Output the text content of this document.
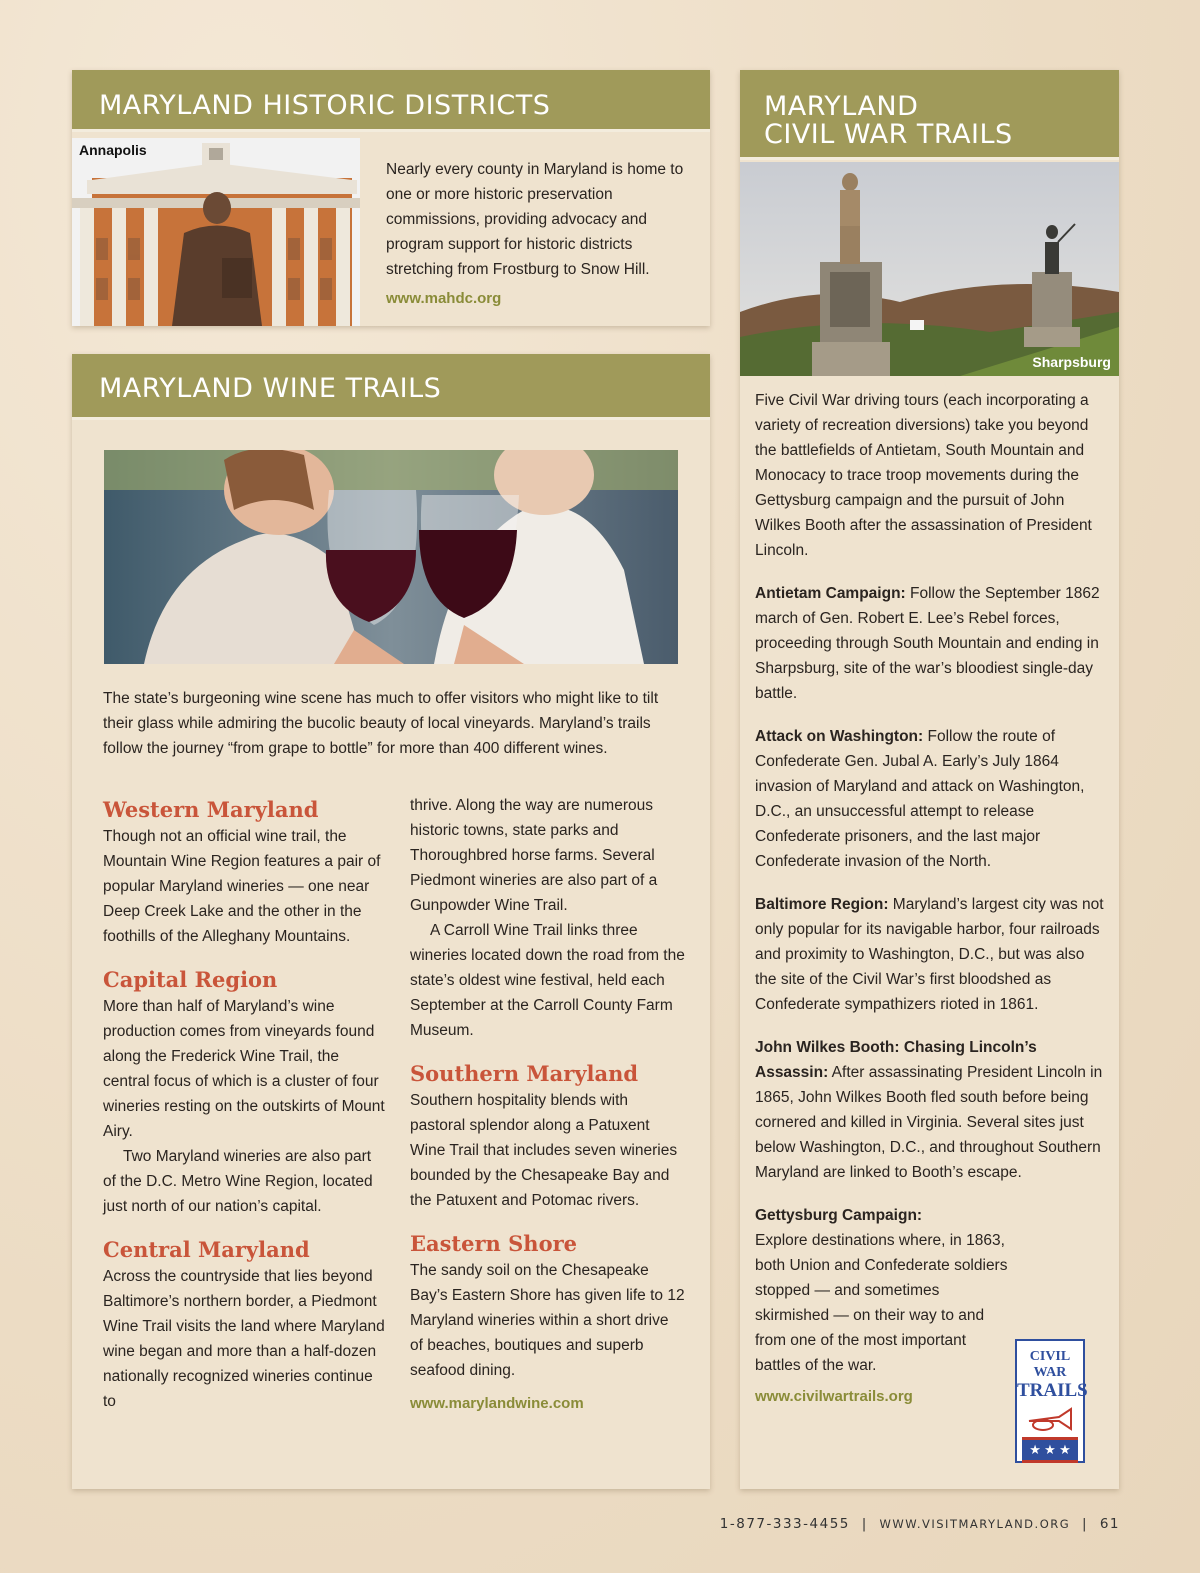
MARYLAND HISTORIC DISTRICTS
Annapolis

Nearly every county in Maryland is home to one or more historic preservation commissions, providing advocacy and program support for historic districts stretching from Frostburg to Snow Hill.

www.mahdc.org

MARYLAND WINE TRAILS

The state’s burgeoning wine scene has much to offer visitors who might like to tilt their glass while admiring the bucolic beauty of local vineyards. Maryland’s trails follow the journey “from grape to bottle” for more than 400 different wines.

Western Maryland

Though not an official wine trail, the Mountain Wine Region features a pair of popular Maryland wineries — one near Deep Creek Lake and the other in the foothills of the Alleghany Mountains.

Capital Region

More than half of Maryland’s wine production comes from vineyards found along the Frederick Wine Trail, the central focus of which is a cluster of four wineries resting on the outskirts of Mount Airy.

Two Maryland wineries are also part of the D.C. Metro Wine Region, located just north of our nation’s capital.

Central Maryland

Across the countryside that lies beyond Baltimore’s northern border, a Piedmont Wine Trail visits the land where Maryland wine began and more than a half-dozen nationally recognized wineries continue to

thrive. Along the way are numerous historic towns, state parks and Thoroughbred horse farms. Several Piedmont wineries are also part of a Gunpowder Wine Trail.

A Carroll Wine Trail links three wineries located down the road from the state’s oldest wine festival, held each September at the Carroll County Farm Museum.

Southern Maryland

Southern hospitality blends with pastoral splendor along a Patuxent Wine Trail that includes seven wineries bounded by the Chesapeake Bay and the Patuxent and Potomac rivers.

Eastern Shore

The sandy soil on the Chesapeake Bay’s Eastern Shore has given life to 12 Maryland wineries within a short drive of beaches, boutiques and superb seafood dining.

www.marylandwine.com

MARYLAND
CIVIL WAR TRAILS
Sharpsburg

Five Civil War driving tours (each incorporating a variety of recreation diversions) take you beyond the battlefields of Antietam, South Mountain and Monocacy to trace troop movements during the Gettysburg campaign and the pursuit of John Wilkes Booth after the assassination of President Lincoln.

Antietam Campaign: Follow the September 1862 march of Gen. Robert E. Lee’s Rebel forces, proceeding through South Mountain and ending in Sharpsburg, site of the war’s bloodiest single-day battle.

Attack on Washington: Follow the route of Confederate Gen. Jubal A. Early’s July 1864 invasion of Maryland and attack on Washington, D.C., an unsuccessful attempt to release Confederate prisoners, and the last major Confederate invasion of the North.

Baltimore Region: Maryland’s largest city was not only popular for its navigable harbor, four railroads and proximity to Washington, D.C., but was also the site of the Civil War’s first bloodshed as Confederate sympathizers rioted in 1861.

John Wilkes Booth: Chasing Lincoln’s Assassin: After assassinating President Lincoln in 1865, John Wilkes Booth fled south before being cornered and killed in Virginia. Several sites just below Washington, D.C., and throughout Southern Maryland are linked to Booth’s escape.

Gettysburg Campaign:

Explore destinations where, in 1863, both Union and Confederate soldiers stopped — and sometimes skirmished — on their way to and from one of the most important battles of the war.

www.civilwartrails.org

CIVIL WAR
TRAILS
★ ★ ★
1-877-333-4455 | WWW.VISITMARYLAND.ORG | 61
